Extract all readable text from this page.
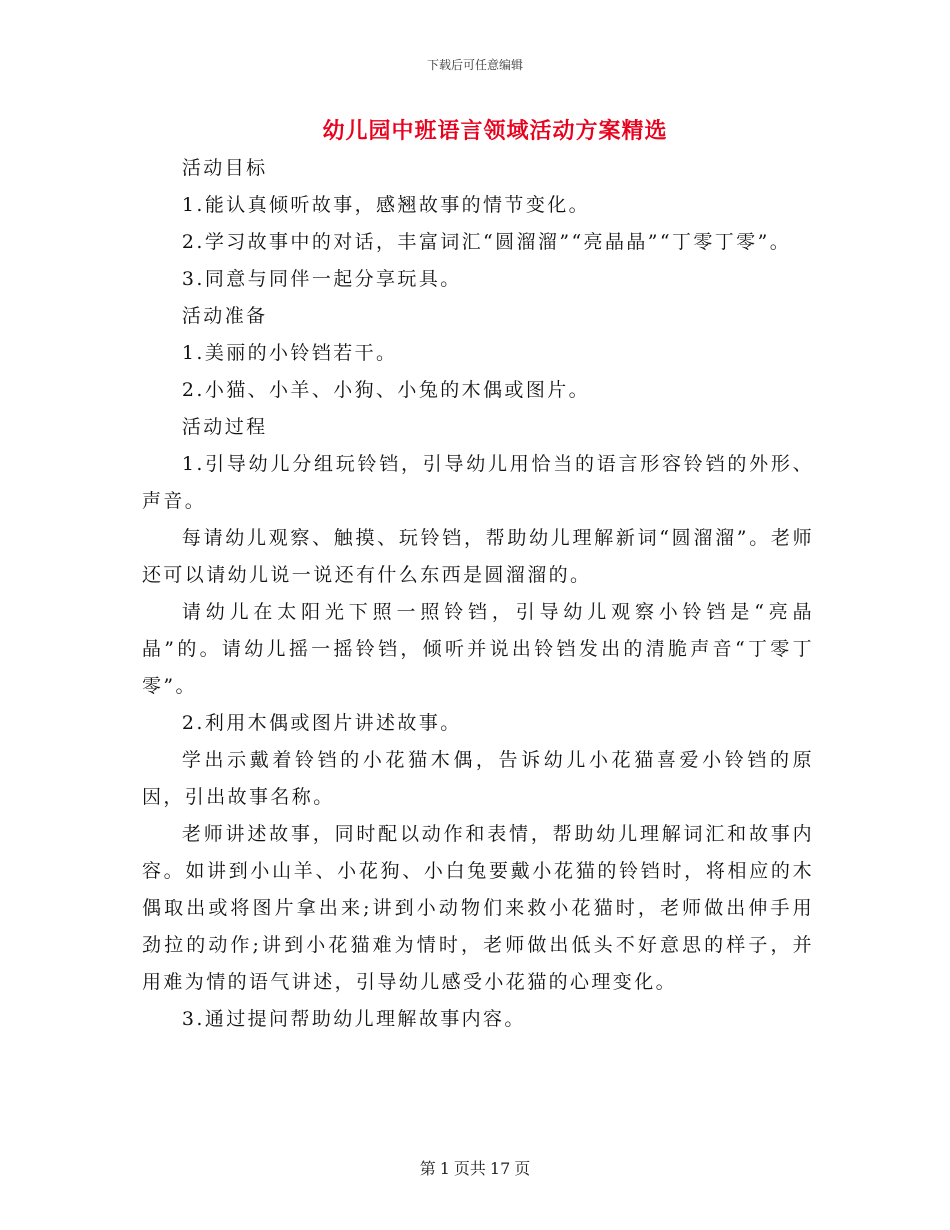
下载后可任意编辑
幼儿园中班语言领域活动方案精选

活动目标

1.能认真倾听故事，感翘故事的情节变化。

2.学习故事中的对话，丰富词汇“圆溜溜”“亮晶晶”“丁零丁零”。

3.同意与同伴一起分享玩具。

活动准备

1.美丽的小铃铛若干。

2.小猫、小羊、小狗、小兔的木偶或图片。

活动过程

1.引导幼儿分组玩铃铛，引导幼儿用恰当的语言形容铃铛的外形、声音。

每请幼儿观察、触摸、玩铃铛，帮助幼儿理解新词“圆溜溜”。老师还可以请幼儿说一说还有什么东西是圆溜溜的。

请幼儿在太阳光下照一照铃铛，引导幼儿观察小铃铛是“亮晶晶”的。请幼儿摇一摇铃铛，倾听并说出铃铛发出的清脆声音“丁零丁零”。

2.利用木偶或图片讲述故事。

学出示戴着铃铛的小花猫木偶，告诉幼儿小花猫喜爱小铃铛的原因，引出故事名称。

老师讲述故事，同时配以动作和表情，帮助幼儿理解词汇和故事内容。如讲到小山羊、小花狗、小白兔要戴小花猫的铃铛时，将相应的木偶取出或将图片拿出来;讲到小动物们来救小花猫时，老师做出伸手用劲拉的动作;讲到小花猫难为情时，老师做出低头不好意思的样子，并用难为情的语气讲述，引导幼儿感受小花猫的心理变化。

3.通过提问帮助幼儿理解故事内容。

第 1 页共 17 页
